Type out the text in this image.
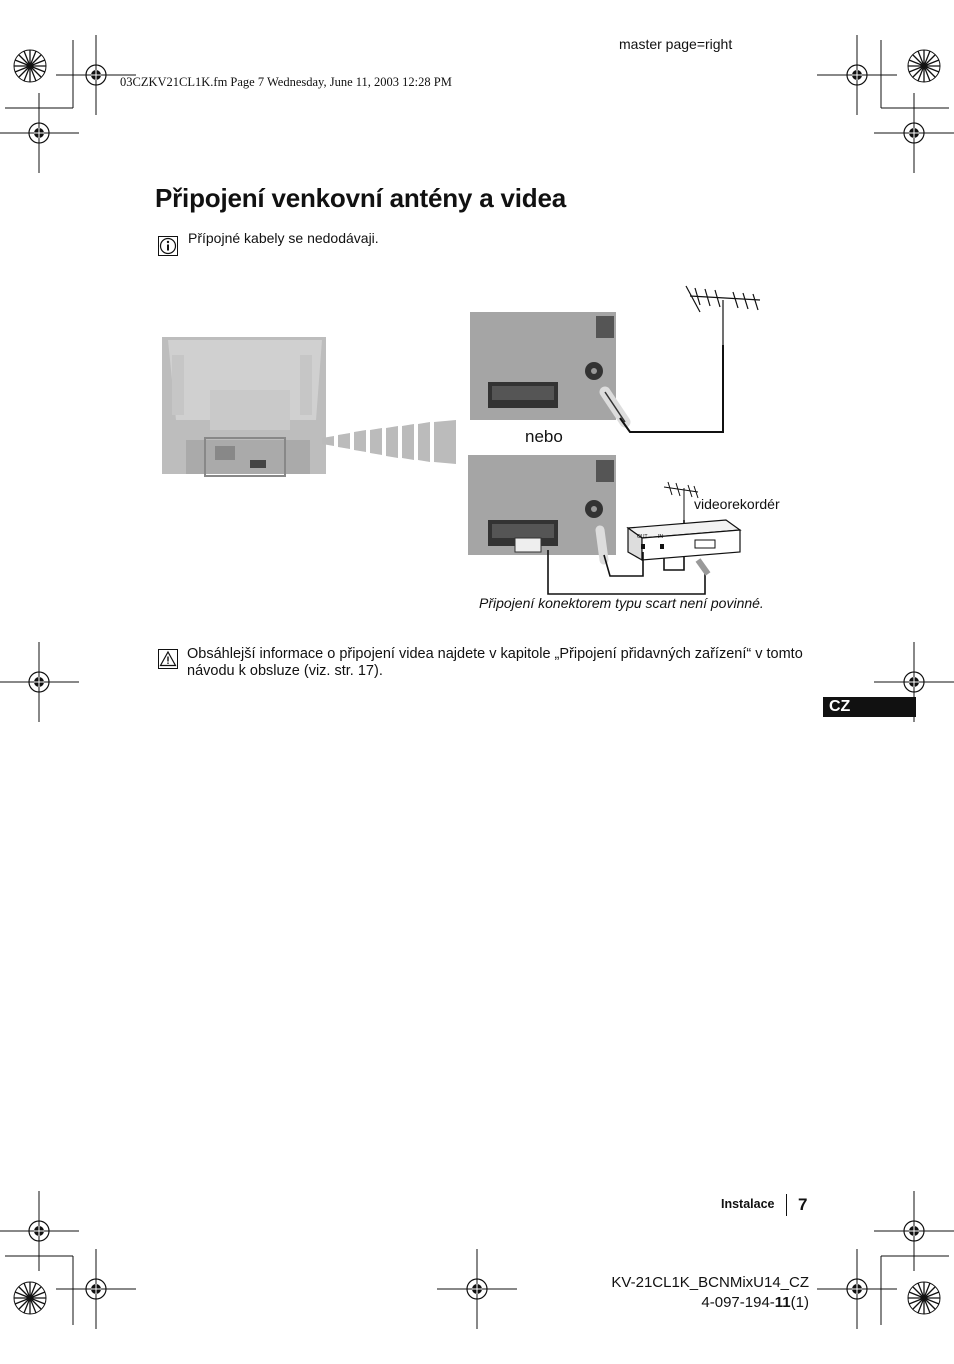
master page=right
03CZKV21CL1K.fm Page 7 Wednesday, June 11, 2003 12:28 PM
Připojení venkovní antény a videa
Přípojné kabely se nedodávaji.
OUT IN
nebo
videorekordér
Připojení konektorem typu scart není povinné.
Obsáhlejší informace o připojení videa najdete v kapitole „Připojení přidavných zařízení“ v tomto návodu k obsluze (viz. str. 17).
CZ
Instalace 7
KV-21CL1K_BCNMixU14_CZ
4-097-194-11(1)
